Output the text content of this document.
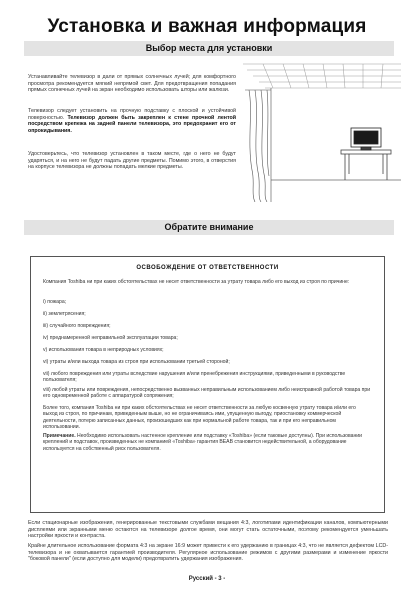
Установка и важная информация
Выбор места для установки

Устанавливайте телевизор в дали от прямых солнечных лучей; для комфортного просмотра рекомендуется мягкий непрямой свет. Для предотвращения попадания прямых солнечных лучей на экран необходимо использовать шторы или жалюзи.

Телевизор следует установить на прочную подставку с плоской и устойчивой поверхностью. Телевизор должен быть закреплен к стене прочной лентой посредством крепежа на задней панели телевизора, это предохранит его от опрокидывания.

Удостоверьтесь, что телевизор установлен в таком месте, где о него не будут ударяться, и на него не будут падать другие предметы. Помимо этого, в отверстия на корпусе телевизора не должны попадать мелкие предметы.

Обратите внимание
ОСВОБОЖДЕНИЕ ОТ ОТВЕТСТВЕННОСТИ
Компания Toshiba ни при каких обстоятельствах не несет ответственности за утрату товара либо его выход из строя по причине:
i) пожара;
ii) землетрясения;
iii) случайного повреждения;
iv) преднамеренной неправильной эксплуатации товара;
v) использования товара в неприродных условиях;
vi) утраты и/или выхода товара из строя при использовании третьей стороной;
vii) любого повреждения или утраты вследствие нарушения и/или пренебрежения инструкциями, приведенными в руководстве пользователя;
viii) любой утраты или повреждения, непосредственно вызванных неправильным использованием либо неисправной работой товара при его одновременной работе с аппаратурой сопряжения;
Более того, компания Toshiba ни при каких обстоятельствах не несет ответственности за любую косвенную утрату товара и/или его выход из строя, по причинам, приведенным выше, но не ограничиваясь ими, упущенную выгоду, приостановку коммерческой деятельности, потерю записанных данных, произошедших как при нормальной работе товара, так и при его неправильном использовании.
Примечание. Необходимо использовать настенное крепление или подставку «Toshiba» (если таковые доступны). При использовании креплений и подставок, произведенных не компанией «Toshiba» гарантия BEAB становится недействительной, а оборудование используется на собственный риск пользователя.

Если стационарные изображения, генерированные текстовыми службами вещания 4:3, логотипами идентификации каналов, компьютерными дисплеями или экранными меню остаются на телевизоре долгое время, они могут стать остаточными, поэтому рекомендуется уменьшать настройки яркости и контраста.

Крайне длительное использование формата 4:3 на экране 16:9 может привести к его удержанию в границах 4:3, что не является дефектом LCD-телевизора и не охватывается гарантией производителя. Регулярное использование режимов с другими размерами и изменение яркости "боковой панели" (если доступно для модели) предотвратить удержания изображения.

Русский - 3 -
